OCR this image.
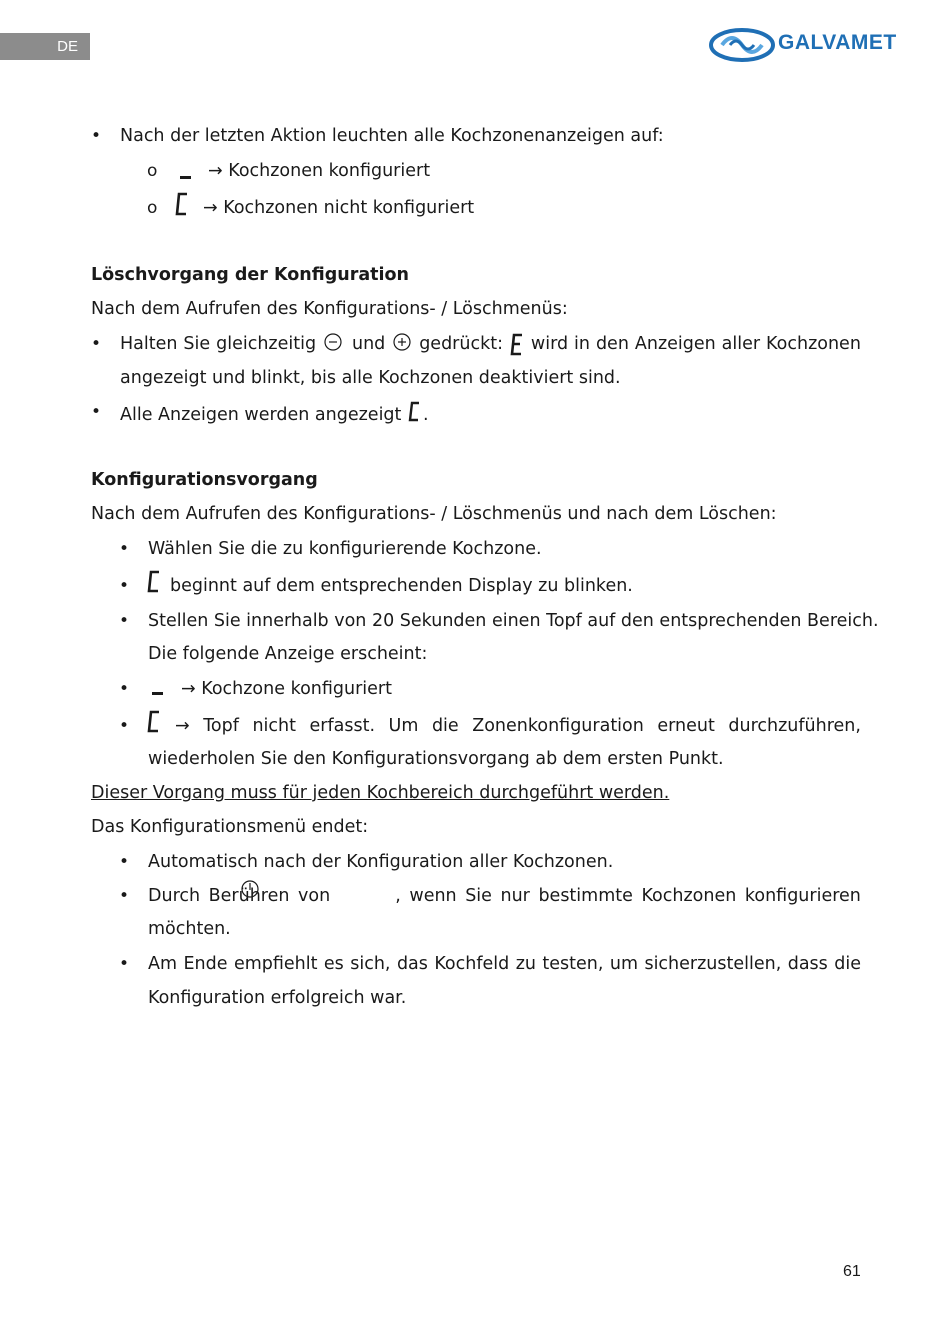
DE	GALVAMET
• Nach der letzten Aktion leuchten alle Kochzonenanzeigen auf:
o	→ Kochzonen konfiguriert
o	→ Kochzonen nicht konfiguriert
Löschvorgang der Konfiguration
Nach dem Aufrufen des Konfigurations- / Löschmenüs:
• Halten Sie gleichzeitig und gedrückt: wird in den Anzeigen aller Kochzonen
angezeigt und blinkt, bis alle Kochzonen deaktiviert sind.
• Alle Anzeigen werden angezeigt .
Konfigurationsvorgang
Nach dem Aufrufen des Konfigurations- / Löschmenüs und nach dem Löschen:
• Wählen Sie die zu konfigurierende Kochzone.
• beginnt auf dem entsprechenden Display zu blinken.
• Stellen Sie innerhalb von 20 Sekunden einen Topf auf den entsprechenden Bereich.
Die folgende Anzeige erscheint:
•	→ Kochzone konfiguriert
•	→ Topf nicht erfasst. Um die Zonenkonfiguration erneut durchzuführen,
wiederholen Sie den Konfigurationsvorgang ab dem ersten Punkt.
Dieser Vorgang muss für jeden Kochbereich durchgeführt werden.
Das Konfigurationsmenü endet:
• Automatisch nach der Konfiguration aller Kochzonen.
• Durch Berühren von	, wenn Sie nur bestimmte Kochzonen konfigurieren
möchten.
• Am Ende empfiehlt es sich, das Kochfeld zu testen, um sicherzustellen, dass die
Konfiguration erfolgreich war.
61
